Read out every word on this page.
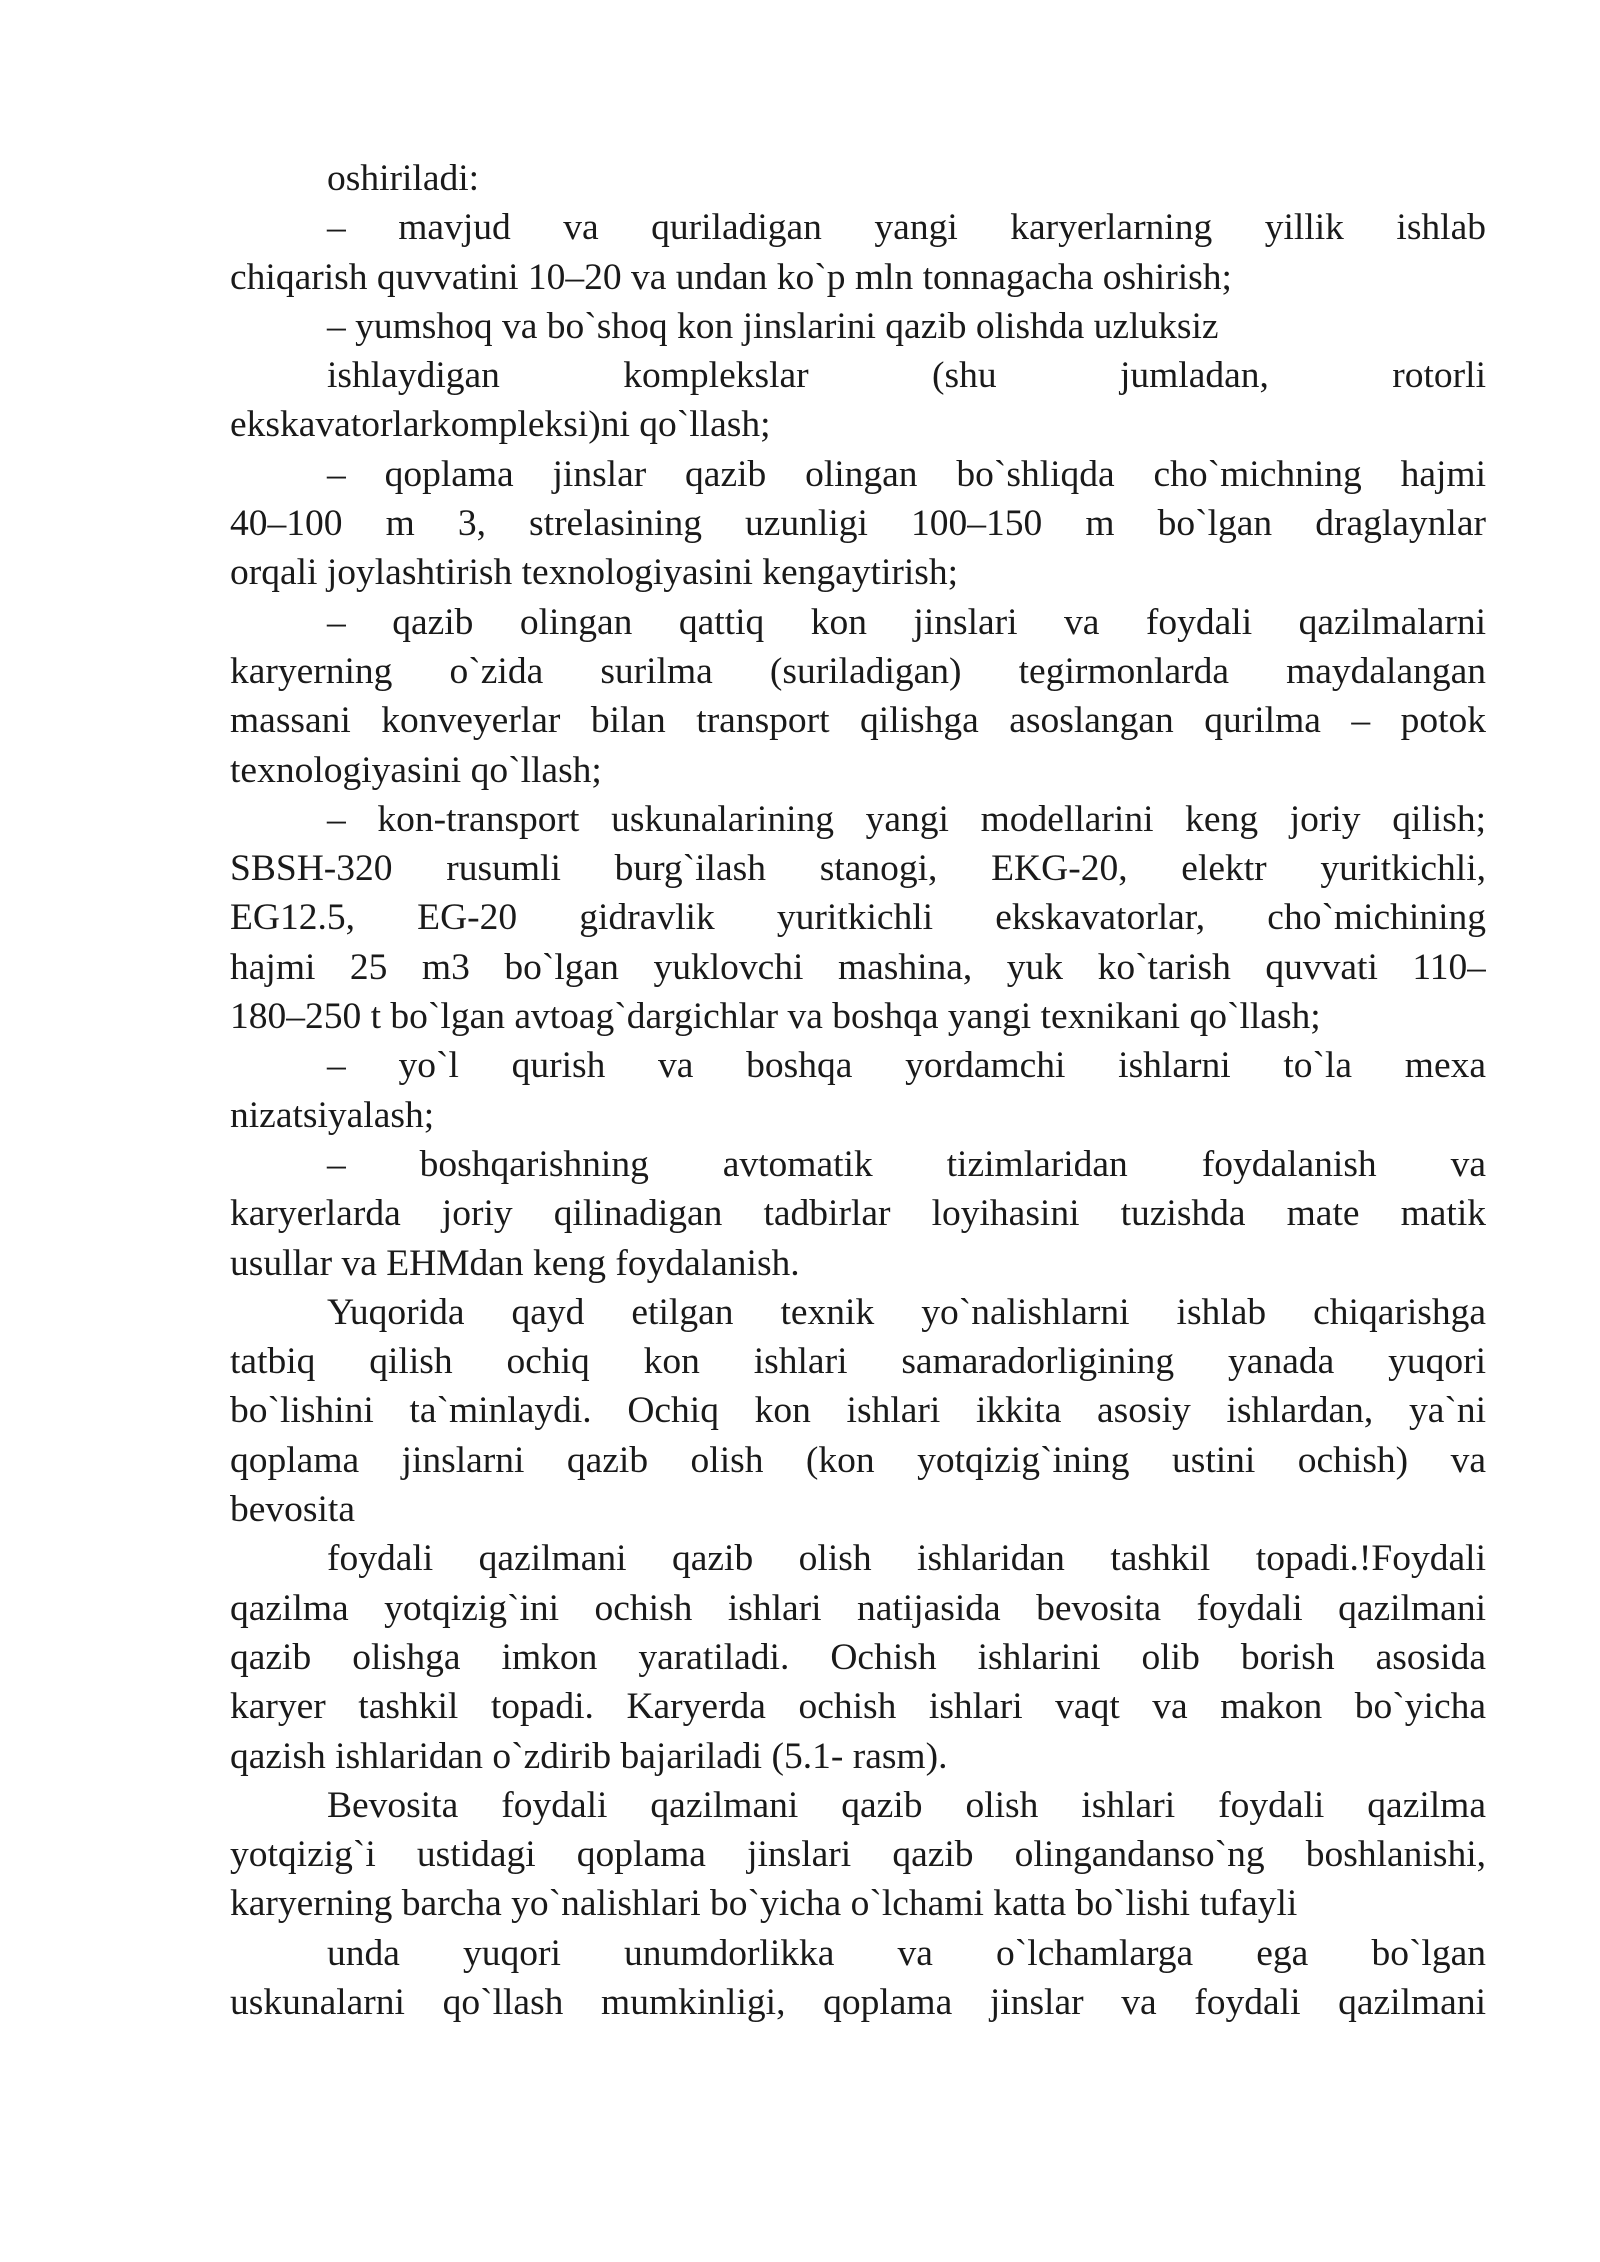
oshiriladi:
– mavjud va quriladigan yangi karyerlarning yillik ishlab
chiqarish quvvatini 10–20 va undan ko`p mln tonnagacha oshirish;
– yumshoq va bo`shoq kon jinslarini qazib olishda uzluksiz
ishlaydigan komplekslar (shu jumladan, rotorli
ekskavatorlarkompleksi)ni qo`llash;
– qoplama jinslar qazib olingan bo`shliqda cho`michning hajmi
40–100 m 3, strelasining uzunligi 100–150 m bo`lgan draglaynlar
orqali joylashtirish texnologiyasini kengaytirish;
– qazib olingan qattiq kon jinslari va foydali qazilmalarni
karyerning o`zida surilma (suriladigan) tegirmonlarda maydalangan
massani konveyerlar bilan transport qilishga asoslangan qurilma – potok
texnologiyasini qo`llash;
– kon-transport uskunalarining yangi modellarini keng joriy qilish;
SBSH-320 rusumli burg`ilash stanogi, EKG-20, elektr yuritkichli,
EG12.5, EG-20 gidravlik yuritkichli ekskavatorlar, cho`michining
hajmi 25 m3 bo`lgan yuklovchi mashina, yuk ko`tarish quvvati 110–
180–250 t bo`lgan avtoag`dargichlar va boshqa yangi texnikani qo`llash;
– yo`l qurish va boshqa yordamchi ishlarni to`la mexa
nizatsiyalash;
– boshqarishning avtomatik tizimlaridan foydalanish va
karyerlarda joriy qilinadigan tadbirlar loyihasini tuzishda mate matik
usullar va EHMdan keng foydalanish.
Yuqorida qayd etilgan texnik yo`nalishlarni ishlab chiqarishga
tatbiq qilish ochiq kon ishlari samaradorligining yanada yuqori
bo`lishini ta`minlaydi. Ochiq kon ishlari ikkita asosiy ishlardan, ya`ni
qoplama jinslarni qazib olish (kon yotqizig`ining ustini ochish) va
bevosita
foydali qazilmani qazib olish ishlaridan tashkil topadi.!Foydali
qazilma yotqizig`ini ochish ishlari natijasida bevosita foydali qazilmani
qazib olishga imkon yaratiladi. Ochish ishlarini olib borish asosida
karyer tashkil topadi. Karyerda ochish ishlari vaqt va makon bo`yicha
qazish ishlaridan o`zdirib bajariladi (5.1- rasm).
Bevosita foydali qazilmani qazib olish ishlari foydali qazilma
yotqizig`i ustidagi qoplama jinslari qazib olingandanso`ng boshlanishi,
karyerning barcha yo`nalishlari bo`yicha o`lchami katta bo`lishi tufayli
unda yuqori unumdorlikka va o`lchamlarga ega bo`lgan
uskunalarni qo`llash mumkinligi, qoplama jinslar va foydali qazilmani
